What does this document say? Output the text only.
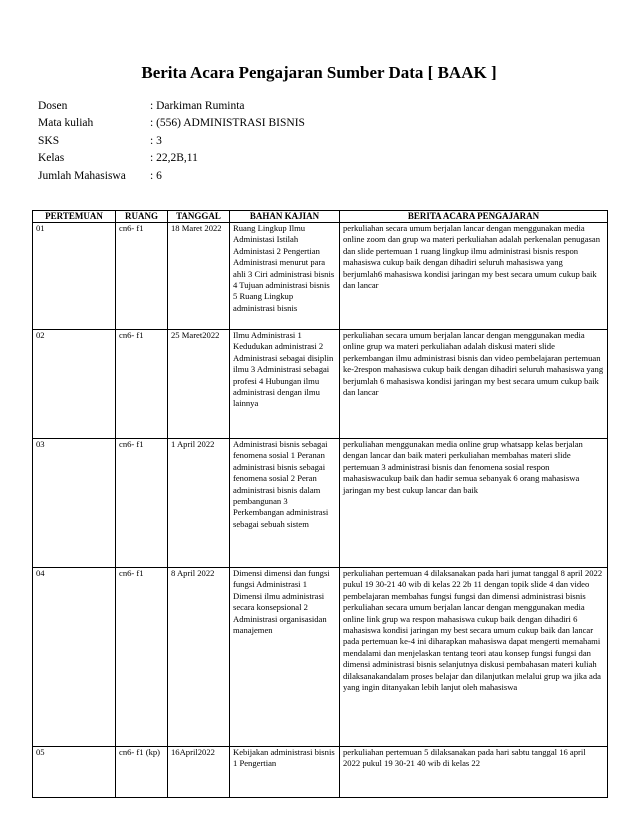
Berita Acara Pengajaran Sumber Data [ BAAK ]
Dosen	: Darkiman Ruminta
Mata kuliah	: (556) ADMINISTRASI BISNIS
SKS	: 3
Kelas	: 22,2B,11
Jumlah Mahasiswa	: 6
PERTEMUAN	RUANG	TANGGAL	BAHAN KAJIAN	BERITA ACARA PENGAJARAN
01	cn6- f1	18 Maret 2022	Ruang Lingkup Ilmu Administasi Istilah Administasi 2 Pengertian Administrasi menurut para ahli 3 Ciri administrasi bisnis 4 Tujuan administrasi bisnis 5 Ruang Lingkup administrasi bisnis	perkuliahan secara umum berjalan lancar dengan menggunakan media online zoom dan grup wa materi perkuliahan adalah perkenalan penugasan dan slide pertemuan 1 ruang lingkup ilmu administrasi bisnis respon mahasiswa cukup baik dengan dihadiri seluruh mahasiswa yang berjumlah6 mahasiswa kondisi jaringan my best secara umum cukup baik dan lancar
02	cn6- f1	25 Maret2022	Ilmu Administrasi 1 Kedudukan administrasi 2 Administrasi sebagai disiplin ilmu 3 Administrasi sebagai profesi 4 Hubungan ilmu administrasi dengan ilmu lainnya	perkuliahan secara umum berjalan lancar dengan menggunakan media online grup wa materi perkuliahan adalah diskusi materi slide perkembangan ilmu administrasi bisnis dan video pembelajaran pertemuan ke-2respon mahasiswa cukup baik dengan dihadiri seluruh mahasiswa yang berjumlah 6 mahasiswa kondisi jaringan my best secara umum cukup baik dan lancar
03	cn6- f1	1 April 2022	Administrasi bisnis sebagai fenomena sosial 1 Peranan administrasi bisnis sebagai fenomena sosial 2 Peran administrasi bisnis dalam pembangunan 3 Perkembangan administrasi sebagai sebuah sistem	perkuliahan menggunakan media online grup whatsapp kelas berjalan dengan lancar dan baik materi perkuliahan membahas materi slide pertemuan 3 administrasi bisnis dan fenomena sosial respon mahasiswacukup baik dan hadir semua sebanyak 6 orang mahasiswa jaringan my best cukup lancar dan baik
04	cn6- f1	8 April 2022	Dimensi dimensi dan fungsi fungsi Administrasi 1 Dimensi ilmu administrasi secara konsepsional 2 Administrasi organisasidan manajemen	perkuliahan pertemuan 4 dilaksanakan pada hari jumat tanggal 8 april 2022 pukul 19 30-21 40 wib di kelas 22 2b 11 dengan topik slide 4 dan video pembelajaran membahas fungsi fungsi dan dimensi administrasi bisnis perkuliahan secara umum berjalan lancar dengan menggunakan media online link grup wa respon mahasiswa cukup baik dengan dihadiri 6 mahasiswa kondisi jaringan my best secara umum cukup baik dan lancar pada pertemuan ke-4 ini diharapkan mahasiswa dapat mengerti memahami mendalami dan menjelaskan tentang teori atau konsep fungsi fungsi dan dimensi administrasi bisnis selanjutnya diskusi pembahasan materi kuliah dilaksanakandalam proses belajar dan dilanjutkan melalui grup wa jika ada yang ingin ditanyakan lebih lanjut oleh mahasiswa
05	cn6- f1 (kp)	16April2022	Kebijakan administrasi bisnis 1 Pengertian	perkuliahan pertemuan 5 dilaksanakan pada hari sabtu tanggal 16 april 2022 pukul 19 30-21 40 wib di kelas 22
